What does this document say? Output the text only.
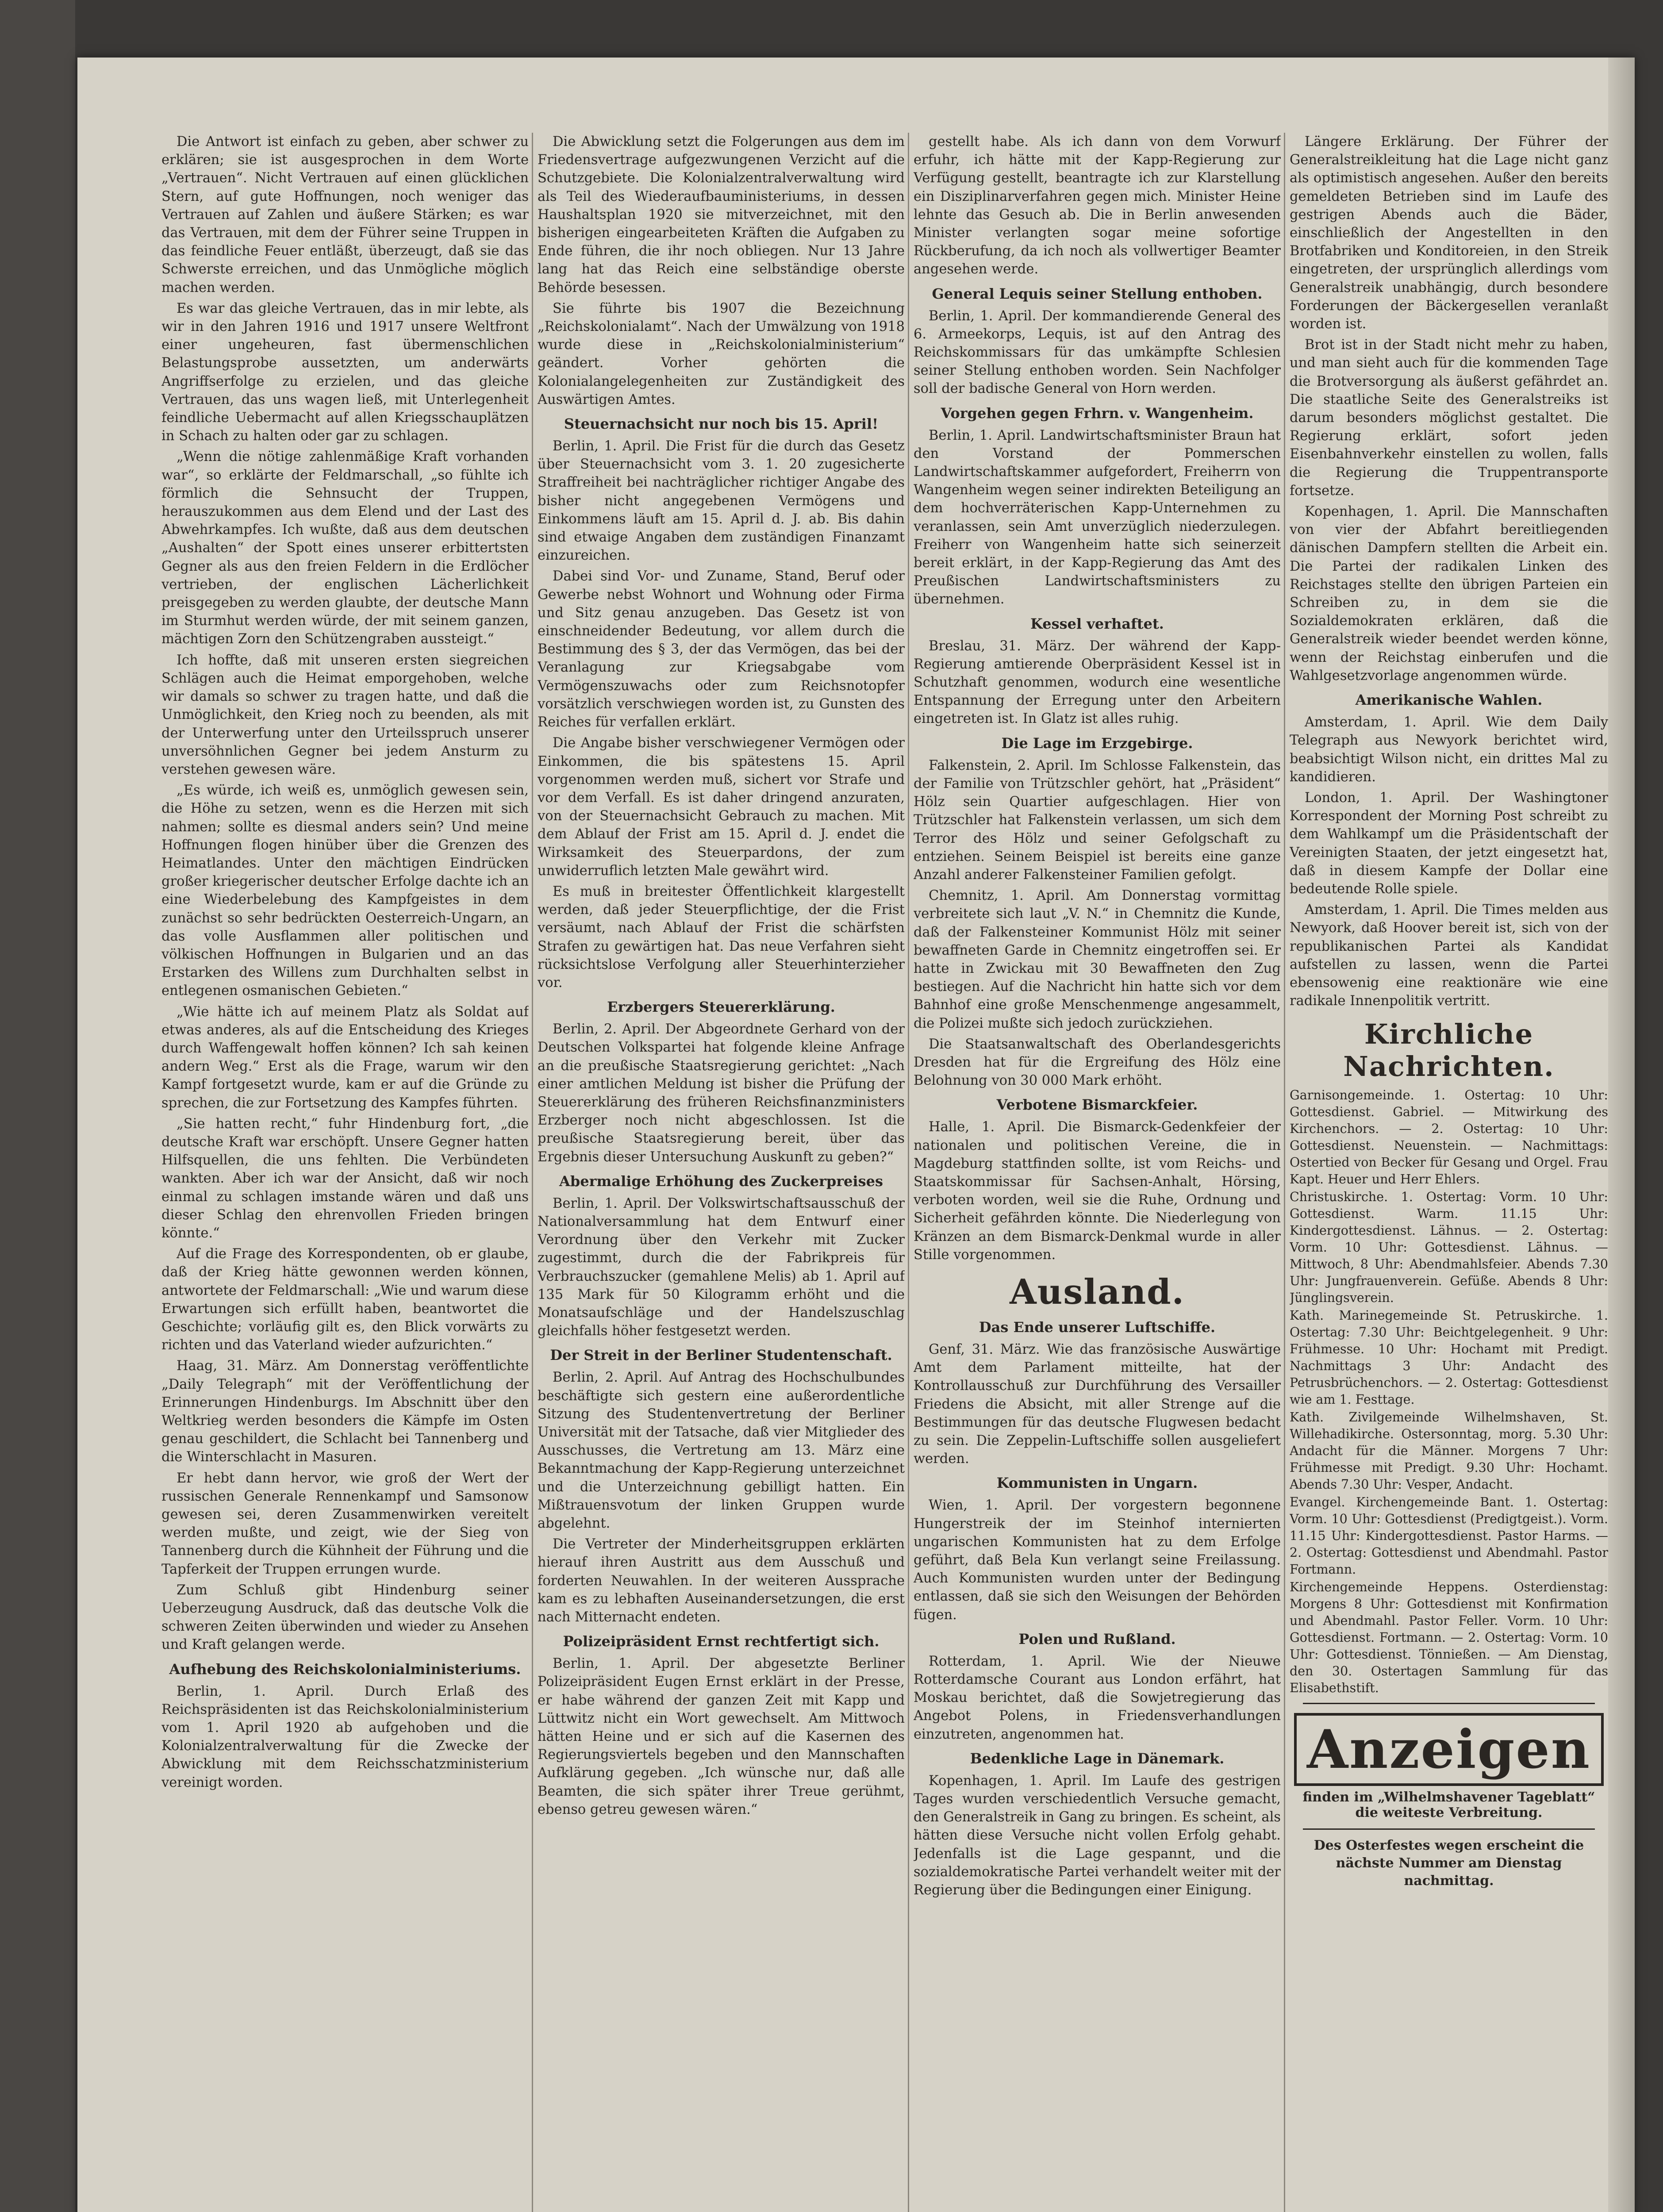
Die Antwort ist einfach zu geben, aber schwer zu erklären; sie ist ausgesprochen in dem Worte „Vertrauen“. Nicht Vertrauen auf einen glücklichen Stern, auf gute Hoffnungen, noch weniger das Vertrauen auf Zahlen und äußere Stärken; es war das Vertrauen, mit dem der Führer seine Truppen in das feindliche Feuer entläßt, überzeugt, daß sie das Schwerste erreichen, und das Unmögliche möglich machen werden.

Es war das gleiche Vertrauen, das in mir lebte, als wir in den Jahren 1916 und 1917 unsere Weltfront einer ungeheuren, fast übermenschlichen Belastungsprobe aussetzten, um anderwärts Angriffserfolge zu erzielen, und das gleiche Vertrauen, das uns wagen ließ, mit Unterlegenheit feindliche Uebermacht auf allen Kriegsschauplätzen in Schach zu halten oder gar zu schlagen.

„Wenn die nötige zahlenmäßige Kraft vorhanden war“, so erklärte der Feldmarschall, „so fühlte ich förmlich die Sehnsucht der Truppen, herauszukommen aus dem Elend und der Last des Abwehrkampfes. Ich wußte, daß aus dem deutschen „Aushalten“ der Spott eines unserer erbittertsten Gegner als aus den freien Feldern in die Erdlöcher vertrieben, der englischen Lächerlichkeit preisgegeben zu werden glaubte, der deutsche Mann im Sturmhut werden würde, der mit seinem ganzen, mächtigen Zorn den Schützengraben aussteigt.“

Ich hoffte, daß mit unseren ersten siegreichen Schlägen auch die Heimat emporgehoben, welche wir damals so schwer zu tragen hatte, und daß die Unmöglichkeit, den Krieg noch zu beenden, als mit der Unterwerfung unter den Urteilsspruch unserer unversöhnlichen Gegner bei jedem Ansturm zu verstehen gewesen wäre.

„Es würde, ich weiß es, unmöglich gewesen sein, die Höhe zu setzen, wenn es die Herzen mit sich nahmen; sollte es diesmal anders sein? Und meine Hoffnungen flogen hinüber über die Grenzen des Heimatlandes. Unter den mächtigen Eindrücken großer kriegerischer deutscher Erfolge dachte ich an eine Wiederbelebung des Kampfgeistes in dem zunächst so sehr bedrückten Oesterreich-Ungarn, an das volle Ausflammen aller politischen und völkischen Hoffnungen in Bulgarien und an das Erstarken des Willens zum Durchhalten selbst in entlegenen osmanischen Gebieten.“

„Wie hätte ich auf meinem Platz als Soldat auf etwas anderes, als auf die Entscheidung des Krieges durch Waffengewalt hoffen können? Ich sah keinen andern Weg.“ Erst als die Frage, warum wir den Kampf fortgesetzt wurde, kam er auf die Gründe zu sprechen, die zur Fortsetzung des Kampfes führten.

„Sie hatten recht,“ fuhr Hindenburg fort, „die deutsche Kraft war erschöpft. Unsere Gegner hatten Hilfsquellen, die uns fehlten. Die Verbündeten wankten. Aber ich war der Ansicht, daß wir noch einmal zu schlagen imstande wären und daß uns dieser Schlag den ehrenvollen Frieden bringen könnte.“

Auf die Frage des Korrespondenten, ob er glaube, daß der Krieg hätte gewonnen werden können, antwortete der Feldmarschall: „Wie und warum diese Erwartungen sich erfüllt haben, beantwortet die Geschichte; vorläufig gilt es, den Blick vorwärts zu richten und das Vaterland wieder aufzurichten.“

Haag, 31. März. Am Donnerstag veröffentlichte „Daily Telegraph“ mit der Veröffentlichung der Erinnerungen Hindenburgs. Im Abschnitt über den Weltkrieg werden besonders die Kämpfe im Osten genau geschildert, die Schlacht bei Tannenberg und die Winterschlacht in Masuren.

Er hebt dann hervor, wie groß der Wert der russischen Generale Rennenkampf und Samsonow gewesen sei, deren Zusammenwirken vereitelt werden mußte, und zeigt, wie der Sieg von Tannenberg durch die Kühnheit der Führung und die Tapferkeit der Truppen errungen wurde.

Zum Schluß gibt Hindenburg seiner Ueberzeugung Ausdruck, daß das deutsche Volk die schweren Zeiten überwinden und wieder zu Ansehen und Kraft gelangen werde.

Aufhebung des Reichskolonialministeriums.

Berlin, 1. April. Durch Erlaß des Reichspräsidenten ist das Reichskolonialministerium vom 1. April 1920 ab aufgehoben und die Kolonialzentralverwaltung für die Zwecke der Abwicklung mit dem Reichsschatzministerium vereinigt worden.

Die Abwicklung setzt die Folgerungen aus dem im Friedensvertrage aufgezwungenen Verzicht auf die Schutzgebiete. Die Kolonialzentralverwaltung wird als Teil des Wiederaufbauministeriums, in dessen Haushaltsplan 1920 sie mitverzeichnet, mit den bisherigen eingearbeiteten Kräften die Aufgaben zu Ende führen, die ihr noch obliegen. Nur 13 Jahre lang hat das Reich eine selbständige oberste Behörde besessen.

Sie führte bis 1907 die Bezeichnung „Reichskolonialamt“. Nach der Umwälzung von 1918 wurde diese in „Reichskolonialministerium“ geändert. Vorher gehörten die Kolonialangelegenheiten zur Zuständigkeit des Auswärtigen Amtes.

Steuernachsicht nur noch bis 15. April!

Berlin, 1. April. Die Frist für die durch das Gesetz über Steuernachsicht vom 3. 1. 20 zugesicherte Straffreiheit bei nachträglicher richtiger Angabe des bisher nicht angegebenen Vermögens und Einkommens läuft am 15. April d. J. ab. Bis dahin sind etwaige Angaben dem zuständigen Finanzamt einzureichen.

Dabei sind Vor- und Zuname, Stand, Beruf oder Gewerbe nebst Wohnort und Wohnung oder Firma und Sitz genau anzugeben. Das Gesetz ist von einschneidender Bedeutung, vor allem durch die Bestimmung des § 3, der das Vermögen, das bei der Veranlagung zur Kriegsabgabe vom Vermögenszuwachs oder zum Reichsnotopfer vorsätzlich verschwiegen worden ist, zu Gunsten des Reiches für verfallen erklärt.

Die Angabe bisher verschwiegener Vermögen oder Einkommen, die bis spätestens 15. April vorgenommen werden muß, sichert vor Strafe und vor dem Verfall. Es ist daher dringend anzuraten, von der Steuernachsicht Gebrauch zu machen. Mit dem Ablauf der Frist am 15. April d. J. endet die Wirksamkeit des Steuerpardons, der zum unwiderruflich letzten Male gewährt wird.

Es muß in breitester Öffentlichkeit klargestellt werden, daß jeder Steuerpflichtige, der die Frist versäumt, nach Ablauf der Frist die schärfsten Strafen zu gewärtigen hat. Das neue Verfahren sieht rücksichtslose Verfolgung aller Steuerhinterzieher vor.

Erzbergers Steuererklärung.

Berlin, 2. April. Der Abgeordnete Gerhard von der Deutschen Volkspartei hat folgende kleine Anfrage an die preußische Staatsregierung gerichtet: „Nach einer amtlichen Meldung ist bisher die Prüfung der Steuererklärung des früheren Reichsfinanzministers Erzberger noch nicht abgeschlossen. Ist die preußische Staatsregierung bereit, über das Ergebnis dieser Untersuchung Auskunft zu geben?“

Abermalige Erhöhung des Zuckerpreises

Berlin, 1. April. Der Volkswirtschaftsausschuß der Nationalversammlung hat dem Entwurf einer Verordnung über den Verkehr mit Zucker zugestimmt, durch die der Fabrikpreis für Verbrauchszucker (gemahlene Melis) ab 1. April auf 135 Mark für 50 Kilogramm erhöht und die Monatsaufschläge und der Handelszuschlag gleichfalls höher festgesetzt werden.

Der Streit in der Berliner Studentenschaft.

Berlin, 2. April. Auf Antrag des Hochschulbundes beschäftigte sich gestern eine außerordentliche Sitzung des Studentenvertretung der Berliner Universität mit der Tatsache, daß vier Mitglieder des Ausschusses, die Vertretung am 13. März eine Bekanntmachung der Kapp-Regierung unterzeichnet und die Unterzeichnung gebilligt hatten. Ein Mißtrauensvotum der linken Gruppen wurde abgelehnt.

Die Vertreter der Minderheitsgruppen erklärten hierauf ihren Austritt aus dem Ausschuß und forderten Neuwahlen. In der weiteren Aussprache kam es zu lebhaften Auseinandersetzungen, die erst nach Mitternacht endeten.

Polizeipräsident Ernst rechtfertigt sich.

Berlin, 1. April. Der abgesetzte Berliner Polizeipräsident Eugen Ernst erklärt in der Presse, er habe während der ganzen Zeit mit Kapp und Lüttwitz nicht ein Wort gewechselt. Am Mittwoch hätten Heine und er sich auf die Kasernen des Regierungsviertels begeben und den Mannschaften Aufklärung gegeben. „Ich wünsche nur, daß alle Beamten, die sich später ihrer Treue gerühmt, ebenso getreu gewesen wären.“

gestellt habe. Als ich dann von dem Vorwurf erfuhr, ich hätte mit der Kapp-Regierung zur Verfügung gestellt, beantragte ich zur Klarstellung ein Disziplinarverfahren gegen mich. Minister Heine lehnte das Gesuch ab. Die in Berlin anwesenden Minister verlangten sogar meine sofortige Rückberufung, da ich noch als vollwertiger Beamter angesehen werde.

General Lequis seiner Stellung enthoben.

Berlin, 1. April. Der kommandierende General des 6. Armeekorps, Lequis, ist auf den Antrag des Reichskommissars für das umkämpfte Schlesien seiner Stellung enthoben worden. Sein Nachfolger soll der badische General von Horn werden.

Vorgehen gegen Frhrn. v. Wangenheim.

Berlin, 1. April. Landwirtschaftsminister Braun hat den Vorstand der Pommerschen Landwirtschaftskammer aufgefordert, Freiherrn von Wangenheim wegen seiner indirekten Beteiligung an dem hochverräterischen Kapp-Unternehmen zu veranlassen, sein Amt unverzüglich niederzulegen. Freiherr von Wangenheim hatte sich seinerzeit bereit erklärt, in der Kapp-Regierung das Amt des Preußischen Landwirtschaftsministers zu übernehmen.

Kessel verhaftet.

Breslau, 31. März. Der während der Kapp-Regierung amtierende Oberpräsident Kessel ist in Schutzhaft genommen, wodurch eine wesentliche Entspannung der Erregung unter den Arbeitern eingetreten ist. In Glatz ist alles ruhig.

Die Lage im Erzgebirge.

Falkenstein, 2. April. Im Schlosse Falkenstein, das der Familie von Trützschler gehört, hat „Präsident“ Hölz sein Quartier aufgeschlagen. Hier von Trützschler hat Falkenstein verlassen, um sich dem Terror des Hölz und seiner Gefolgschaft zu entziehen. Seinem Beispiel ist bereits eine ganze Anzahl anderer Falkensteiner Familien gefolgt.

Chemnitz, 1. April. Am Donnerstag vormittag verbreitete sich laut „V. N.“ in Chemnitz die Kunde, daß der Falkensteiner Kommunist Hölz mit seiner bewaffneten Garde in Chemnitz eingetroffen sei. Er hatte in Zwickau mit 30 Bewaffneten den Zug bestiegen. Auf die Nachricht hin hatte sich vor dem Bahnhof eine große Menschenmenge angesammelt, die Polizei mußte sich jedoch zurückziehen.

Die Staatsanwaltschaft des Oberlandesgerichts Dresden hat für die Ergreifung des Hölz eine Belohnung von 30 000 Mark erhöht.

Verbotene Bismarckfeier.

Halle, 1. April. Die Bismarck-Gedenkfeier der nationalen und politischen Vereine, die in Magdeburg stattfinden sollte, ist vom Reichs- und Staatskommissar für Sachsen-Anhalt, Hörsing, verboten worden, weil sie die Ruhe, Ordnung und Sicherheit gefährden könnte. Die Niederlegung von Kränzen an dem Bismarck-Denkmal wurde in aller Stille vorgenommen.

Ausland.
Das Ende unserer Luftschiffe.

Genf, 31. März. Wie das französische Auswärtige Amt dem Parlament mitteilte, hat der Kontrollausschuß zur Durchführung des Versailler Friedens die Absicht, mit aller Strenge auf die Bestimmungen für das deutsche Flugwesen bedacht zu sein. Die Zeppelin-Luftschiffe sollen ausgeliefert werden.

Kommunisten in Ungarn.

Wien, 1. April. Der vorgestern begonnene Hungerstreik der im Steinhof internierten ungarischen Kommunisten hat zu dem Erfolge geführt, daß Bela Kun verlangt seine Freilassung. Auch Kommunisten wurden unter der Bedingung entlassen, daß sie sich den Weisungen der Behörden fügen.

Polen und Rußland.

Rotterdam, 1. April. Wie der Nieuwe Rotterdamsche Courant aus London erfährt, hat Moskau berichtet, daß die Sowjetregierung das Angebot Polens, in Friedensverhandlungen einzutreten, angenommen hat.

Bedenkliche Lage in Dänemark.

Kopenhagen, 1. April. Im Laufe des gestrigen Tages wurden verschiedentlich Versuche gemacht, den Generalstreik in Gang zu bringen. Es scheint, als hätten diese Versuche nicht vollen Erfolg gehabt. Jedenfalls ist die Lage gespannt, und die sozialdemokratische Partei verhandelt weiter mit der Regierung über die Bedingungen einer Einigung.

Längere Erklärung. Der Führer der Generalstreikleitung hat die Lage nicht ganz als optimistisch angesehen. Außer den bereits gemeldeten Betrieben sind im Laufe des gestrigen Abends auch die Bäder, einschließlich der Angestellten in den Brotfabriken und Konditoreien, in den Streik eingetreten, der ursprünglich allerdings vom Generalstreik unabhängig, durch besondere Forderungen der Bäckergesellen veranlaßt worden ist.

Brot ist in der Stadt nicht mehr zu haben, und man sieht auch für die kommenden Tage die Brotversorgung als äußerst gefährdet an. Die staatliche Seite des Generalstreiks ist darum besonders möglichst gestaltet. Die Regierung erklärt, sofort jeden Eisenbahnverkehr einstellen zu wollen, falls die Regierung die Truppentransporte fortsetze.

Kopenhagen, 1. April. Die Mannschaften von vier der Abfahrt bereitliegenden dänischen Dampfern stellten die Arbeit ein. Die Partei der radikalen Linken des Reichstages stellte den übrigen Parteien ein Schreiben zu, in dem sie die Sozialdemokraten erklären, daß die Generalstreik wieder beendet werden könne, wenn der Reichstag einberufen und die Wahlgesetzvorlage angenommen würde.

Amerikanische Wahlen.

Amsterdam, 1. April. Wie dem Daily Telegraph aus Newyork berichtet wird, beabsichtigt Wilson nicht, ein drittes Mal zu kandidieren.

London, 1. April. Der Washingtoner Korrespondent der Morning Post schreibt zu dem Wahlkampf um die Präsidentschaft der Vereinigten Staaten, der jetzt eingesetzt hat, daß in diesem Kampfe der Dollar eine bedeutende Rolle spiele.

Amsterdam, 1. April. Die Times melden aus Newyork, daß Hoover bereit ist, sich von der republikanischen Partei als Kandidat aufstellen zu lassen, wenn die Partei ebensowenig eine reaktionäre wie eine radikale Innenpolitik vertritt.

Kirchliche Nachrichten.

Garnisongemeinde. 1. Ostertag: 10 Uhr: Gottesdienst. Gabriel. — Mitwirkung des Kirchenchors. — 2. Ostertag: 10 Uhr: Gottesdienst. Neuenstein. — Nachmittags: Ostertied von Becker für Gesang und Orgel. Frau Kapt. Heuer und Herr Ehlers.

Christuskirche. 1. Ostertag: Vorm. 10 Uhr: Gottesdienst. Warm. 11.15 Uhr: Kindergottesdienst. Lähnus. — 2. Ostertag: Vorm. 10 Uhr: Gottesdienst. Lähnus. — Mittwoch, 8 Uhr: Abendmahlsfeier. Abends 7.30 Uhr: Jungfrauenverein. Gefüße. Abends 8 Uhr: Jünglingsverein.

Kath. Marinegemeinde St. Petruskirche. 1. Ostertag: 7.30 Uhr: Beichtgelegenheit. 9 Uhr: Frühmesse. 10 Uhr: Hochamt mit Predigt. Nachmittags 3 Uhr: Andacht des Petrusbrüchenchors. — 2. Ostertag: Gottesdienst wie am 1. Festtage.

Kath. Zivilgemeinde Wilhelmshaven, St. Willehadikirche. Ostersonntag, morg. 5.30 Uhr: Andacht für die Männer. Morgens 7 Uhr: Frühmesse mit Predigt. 9.30 Uhr: Hochamt. Abends 7.30 Uhr: Vesper, Andacht.

Evangel. Kirchengemeinde Bant. 1. Ostertag: Vorm. 10 Uhr: Gottesdienst (Predigtgeist.). Vorm. 11.15 Uhr: Kindergottesdienst. Pastor Harms. — 2. Ostertag: Gottesdienst und Abendmahl. Pastor Fortmann.

Kirchengemeinde Heppens. Osterdienstag: Morgens 8 Uhr: Gottesdienst mit Konfirmation und Abendmahl. Pastor Feller. Vorm. 10 Uhr: Gottesdienst. Fortmann. — 2. Ostertag: Vorm. 10 Uhr: Gottesdienst. Tönnießen. — Am Dienstag, den 30. Ostertagen Sammlung für das Elisabethstift.

Anzeigen
finden im „Wilhelmshavener Tageblatt“ die weiteste Verbreitung.
Des Osterfestes wegen erscheint die nächste Nummer am Dienstag nachmittag.
